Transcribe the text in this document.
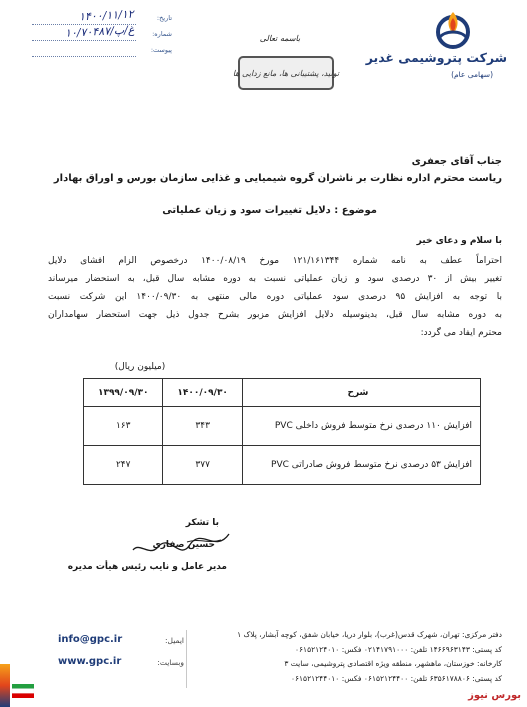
شرکت پتروشیمی غدیر
(سهامی عام)
باسمه تعالی
تولید، پشتیبانی ها، مانع زدایی ها
تاریخ:
۱۴۰۰/۱۱/۱۲
شماره:
غ/پ/۱۰/۷۰۴۸۷
پیوست:
جناب آقای جعفری
ریاست محترم اداره نظارت بر ناشران گروه شیمیایی و غذایی سازمان بورس و اوراق بهادار
موضوع : دلایل تغییرات سود و زیان عملیاتی
با سلام و دعای خیر
احتراماً عطف به نامه شماره ۱۲۱/۱۶۱۳۴۴ مورخ ۱۴۰۰/۰۸/۱۹ درخصوص الزام افشای دلایل
تغییر بیش از ۳۰ درصدی سود و زیان عملیاتی نسبت به دوره مشابه سال قبل، به استحضار میرساند
با توجه به افزایش ۹۵ درصدی سود عملیاتی دوره مالی منتهی به ۱۴۰۰/۰۹/۳۰ این شرکت نسبت
به دوره مشابه سال قبل، بدینوسیله دلایل افزایش مزبور بشرح جدول ذیل جهت استحضار سهامداران
محترم ایفاد می گردد:
(میلیون ریال)
شرح	۱۴۰۰/۰۹/۳۰	۱۳۹۹/۰۹/۳۰
افزایش ۱۱۰ درصدی نرخ متوسط فروش داخلی PVC	۳۴۳	۱۶۳
افزایش ۵۳ درصدی نرخ متوسط فروش صادراتی PVC	۳۷۷	۲۴۷
با تشکر
حسین صفاری
مدیر عامل و نایب رئیس هیأت مدیره
دفتر مرکزی: تهران، شهرک قدس(غرب)، بلوار دریا، خیابان شفق، کوچه آبشار، پلاک ۱
کد پستی: ۱۴۶۶۹۶۳۱۴۳ تلفن: ۰۲۱۴۱۷۹۱۰۰۰ فکس: ۰۶۱۵۲۱۲۴۰۱۰
کارخانه: خوزستان، ماهشهر، منطقه ویژه اقتصادی پتروشیمی، سایت ۳
کد پستی: ۶۳۵۶۱۷۸۸۰۶ تلفن: ۰۶۱۵۲۱۲۴۴۰۰ فکس: ۰۶۱۵۲۱۲۴۴۰۱۰
info@gpc.ir	ایمیل:
www.gpc.ir	وبسایت:
بورس نیوز
